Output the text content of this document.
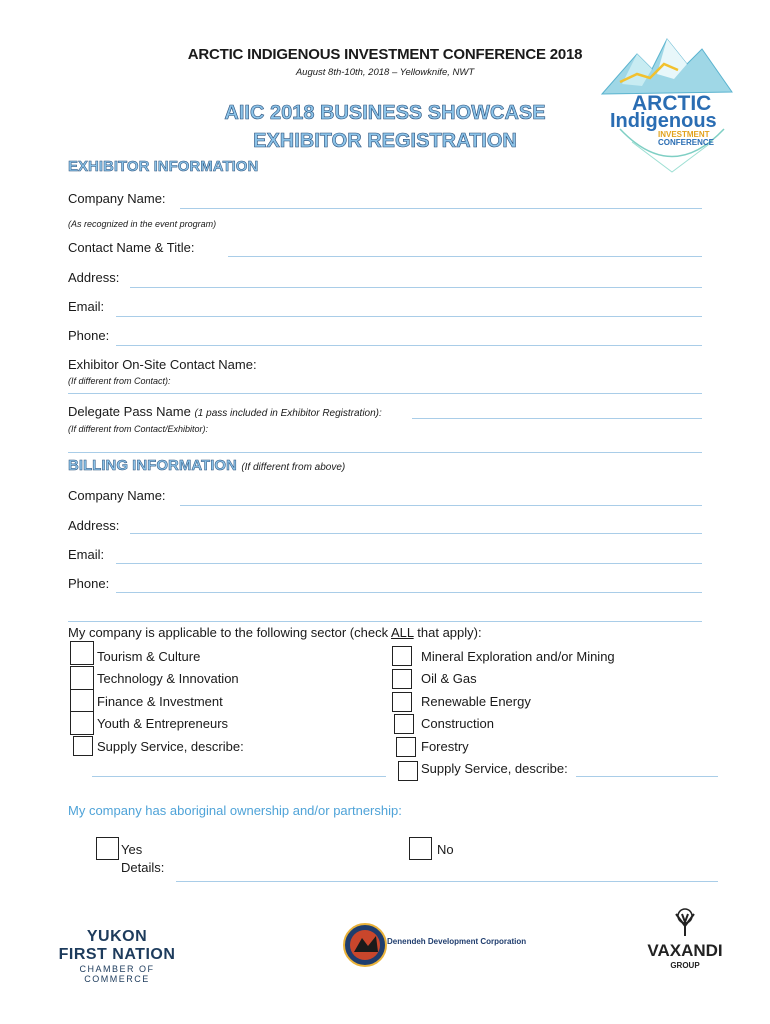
ARCTIC INDIGENOUS INVESTMENT CONFERENCE 2018
August 8th-10th, 2018 – Yellowknife, NWT
AIIC 2018 BUSINESS SHOWCASE
EXHIBITOR REGISTRATION
ARCTIC
Indigenous
INVESTMENT
CONFERENCE
EXHIBITOR INFORMATION
Company Name:
(As recognized in the event program)
Contact Name & Title:
Address:
Email:
Phone:
Exhibitor On-Site Contact Name:
(If different from Contact):
Delegate Pass Name (1 pass included in Exhibitor Registration):
(If different from Contact/Exhibitor):
BILLING INFORMATION (If different from above)
Company Name:
Address:
Email:
Phone:
My company is applicable to the following sector (check ALL that apply):
Tourism & Culture
Technology & Innovation
Finance & Investment
Youth & Entrepreneurs
Supply Service, describe:
Mineral Exploration and/or Mining
Oil & Gas
Renewable Energy
Construction
Forestry
Supply Service, describe:
My company has aboriginal ownership and/or partnership:
Yes	No
Details:
YUKON
FIRST NATION
CHAMBER OF COMMERCE
Denendeh Development Corporation	VAXANDI
GROUP
